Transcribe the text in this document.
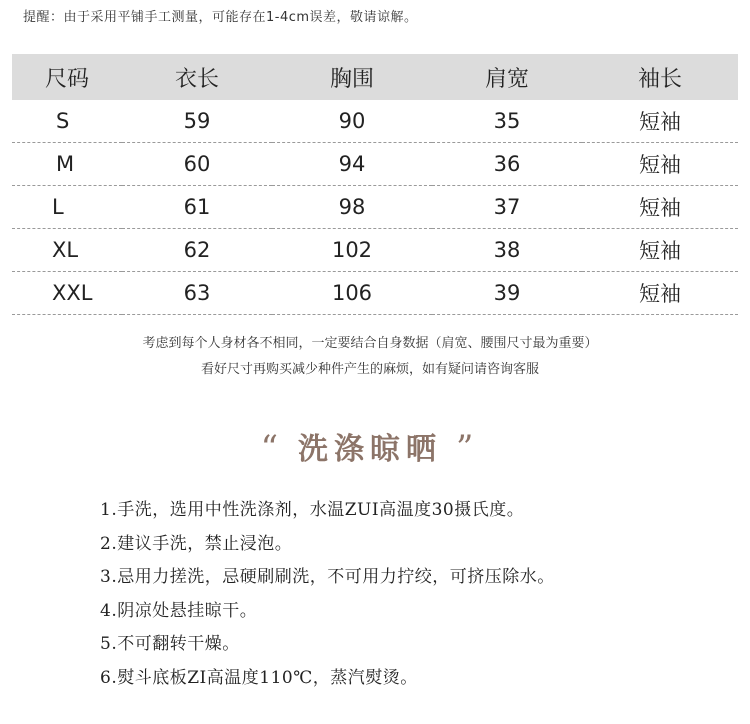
提醒：由于采用平铺手工测量，可能存在1-4cm误差，敬请谅解。
尺码	衣长	胸围	肩宽	袖长
S	59	90	35	短袖
M	60	94	36	短袖
L	61	98	37	短袖
XL	62	102	38	短袖
XXL	63	106	39	短袖
考虑到每个人身材各不相同，一定要结合自身数据（肩宽、腰围尺寸最为重要）
看好尺寸再购买减少种件产生的麻烦，如有疑问请咨询客服
“ 洗涤晾晒 ”
1.手洗，选用中性洗涤剂，水温ZUI高温度30摄氏度。
2.建议手洗，禁止浸泡。
3.忌用力搓洗，忌硬刷刷洗，不可用力拧绞，可挤压除水。
4.阴凉处悬挂晾干。
5.不可翻转干燥。
6.熨斗底板ZI高温度110℃，蒸汽熨烫。
